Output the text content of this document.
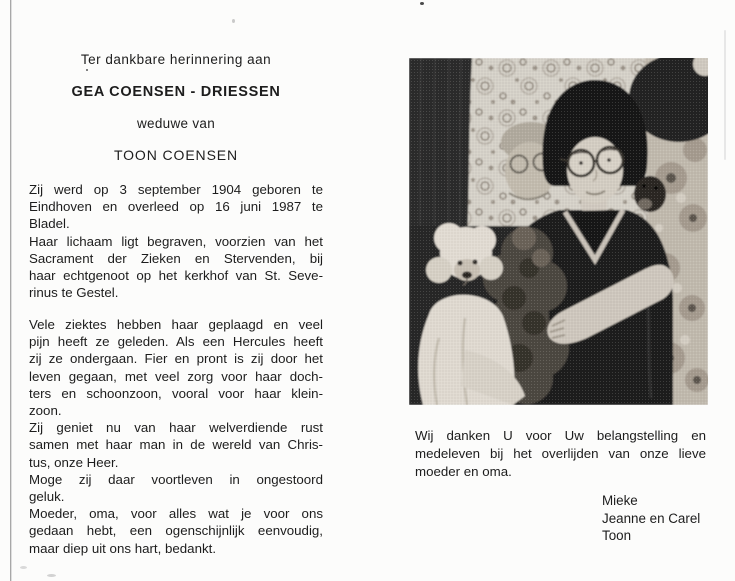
Ter dankbare herinnering aan
GEA COENSEN - DRIESSEN
weduwe van
TOON COENSEN
Zij werd op 3 september 1904 geboren te
Eindhoven en overleed op 16 juni 1987 te
Bladel.
Haar lichaam ligt begraven, voorzien van het
Sacrament der Zieken en Stervenden, bij
haar echtgenoot op het kerkhof van St. Seve-
rinus te Gestel.
Vele ziektes hebben haar geplaagd en veel
pijn heeft ze geleden. Als een Hercules heeft
zij ze ondergaan. Fier en pront is zij door het
leven gegaan, met veel zorg voor haar doch-
ters en schoonzoon, vooral voor haar klein-
zoon.
Zij geniet nu van haar welverdiende rust
samen met haar man in de wereld van Chris-
tus, onze Heer.
Moge zij daar voortleven in ongestoord
geluk.
Moeder, oma, voor alles wat je voor ons
gedaan hebt, een ogenschijnlijk eenvoudig,
maar diep uit ons hart, bedankt.
Wij danken U voor Uw belangstelling en
medeleven bij het overlijden van onze lieve
moeder en oma.
Mieke
Jeanne en Carel
Toon
